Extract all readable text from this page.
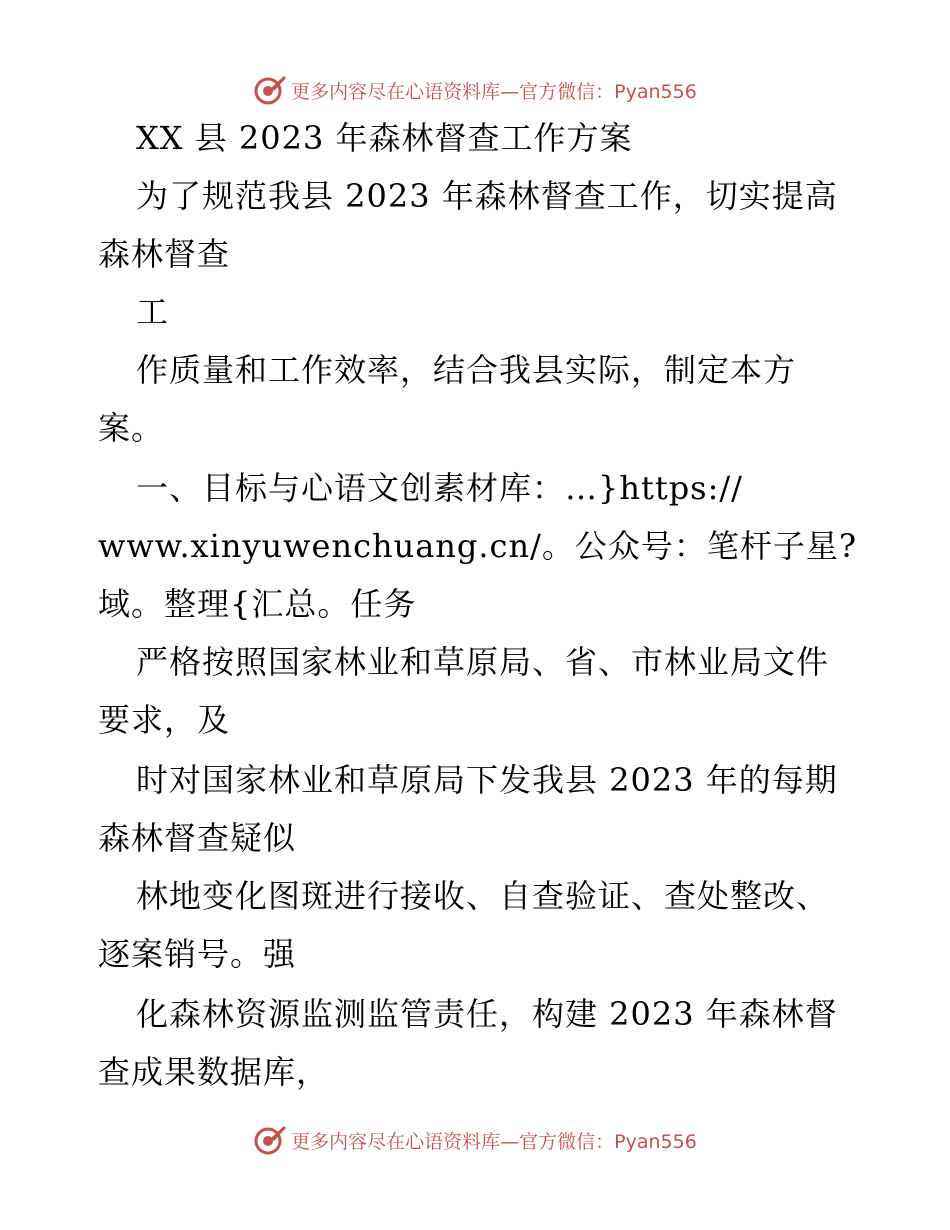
更多内容尽在心语资料库—官方微信：Pyan556
XX 县 2023 年森林督查工作方案
为了规范我县 2023 年森林督查工作，切实提高
森林督查
工
作质量和工作效率，结合我县实际，制定本方
案。
一、目标与心语文创素材库：…}https://
www.xinyuwenchuang.cn/。公众号：笔杆子星?
域。整理{汇总。任务
严格按照国家林业和草原局、省、市林业局文件
要求，及
时对国家林业和草原局下发我县 2023 年的每期
森林督查疑似
林地变化图斑进行接收、自查验证、查处整改、
逐案销号。强
化森林资源监测监管责任，构建 2023 年森林督
查成果数据库，
更多内容尽在心语资料库—官方微信：Pyan556
